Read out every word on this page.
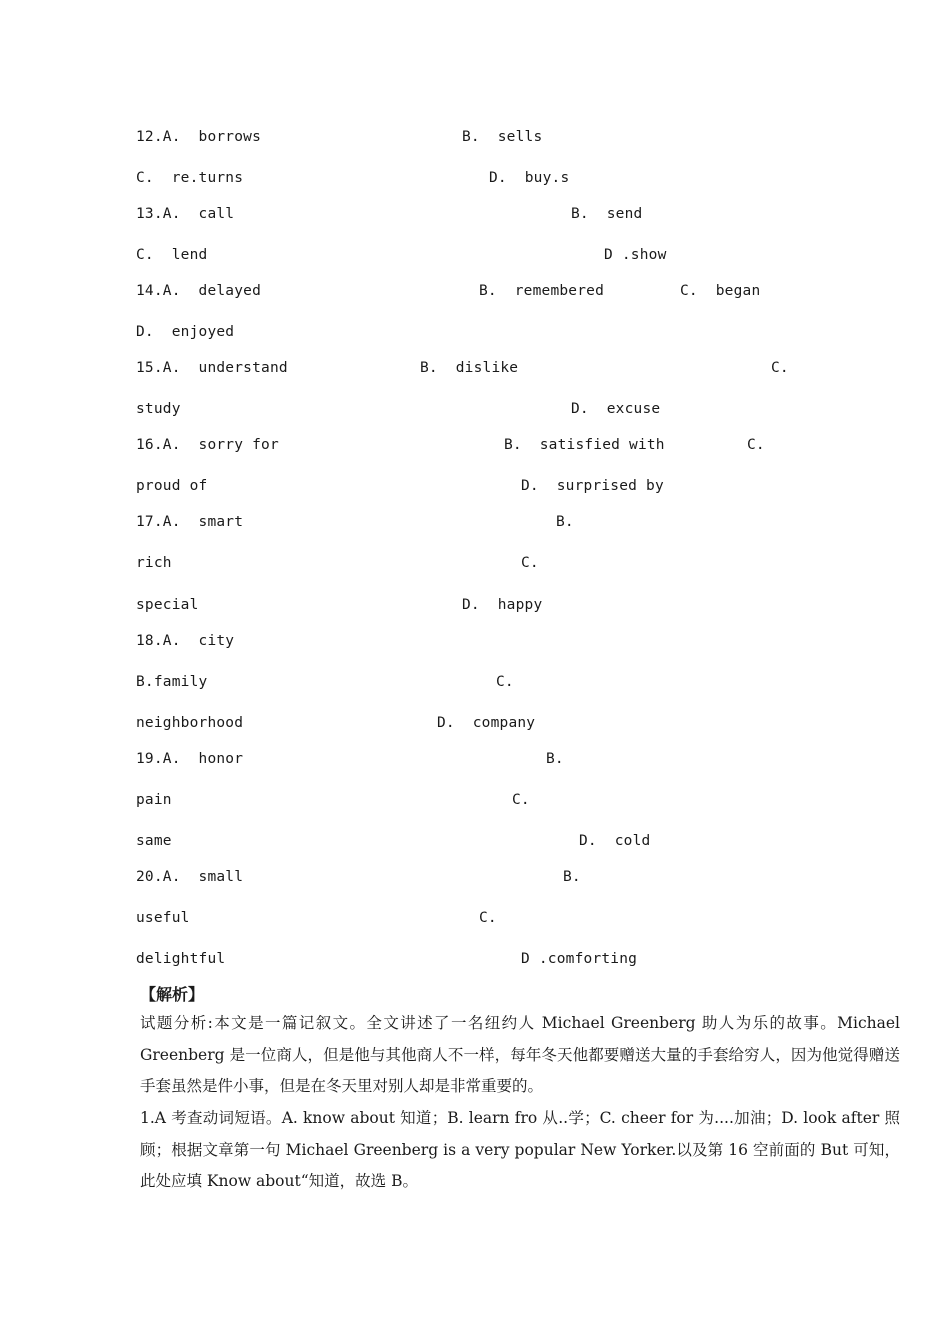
12.A.  borrows	B.  sells
C.  re.turns	D.  buy.s
13.A.  call	B.  send
C.  lend	D .show
14.A.  delayed	B.  remembered	C.  began
D.  enjoyed
15.A.  understand	B.  dislike	C.
study	D.  excuse
16.A.  sorry for	B.  satisfied with	C.
proud of	D.  surprised by
17.A.  smart	B.
rich	C.
special	D.  happy
18.A.  city
B.family	C.
neighborhood	D.  company
19.A.  honor	B.
pain	C.
same	D.  cold
20.A.  small	B.
useful	C.
delightful	D .comforting
【解析】

试题分析:本文是一篇记叙文。全文讲述了一名纽约人 Michael Greenberg 助人为乐的故事。Michael Greenberg 是一位商人，但是他与其他商人不一样，每年冬天他都要赠送大量的手套给穷人，因为他觉得赠送手套虽然是件小事，但是在冬天里对别人却是非常重要的。

1.A 考查动词短语。A. know about 知道；B. learn fro 从..学；C. cheer for 为....加油；D. look after 照顾；根据文章第一句 Michael Greenberg is a very popular New Yorker.以及第 16 空前面的 But 可知，此处应填 Know about“知道，故选 B。
